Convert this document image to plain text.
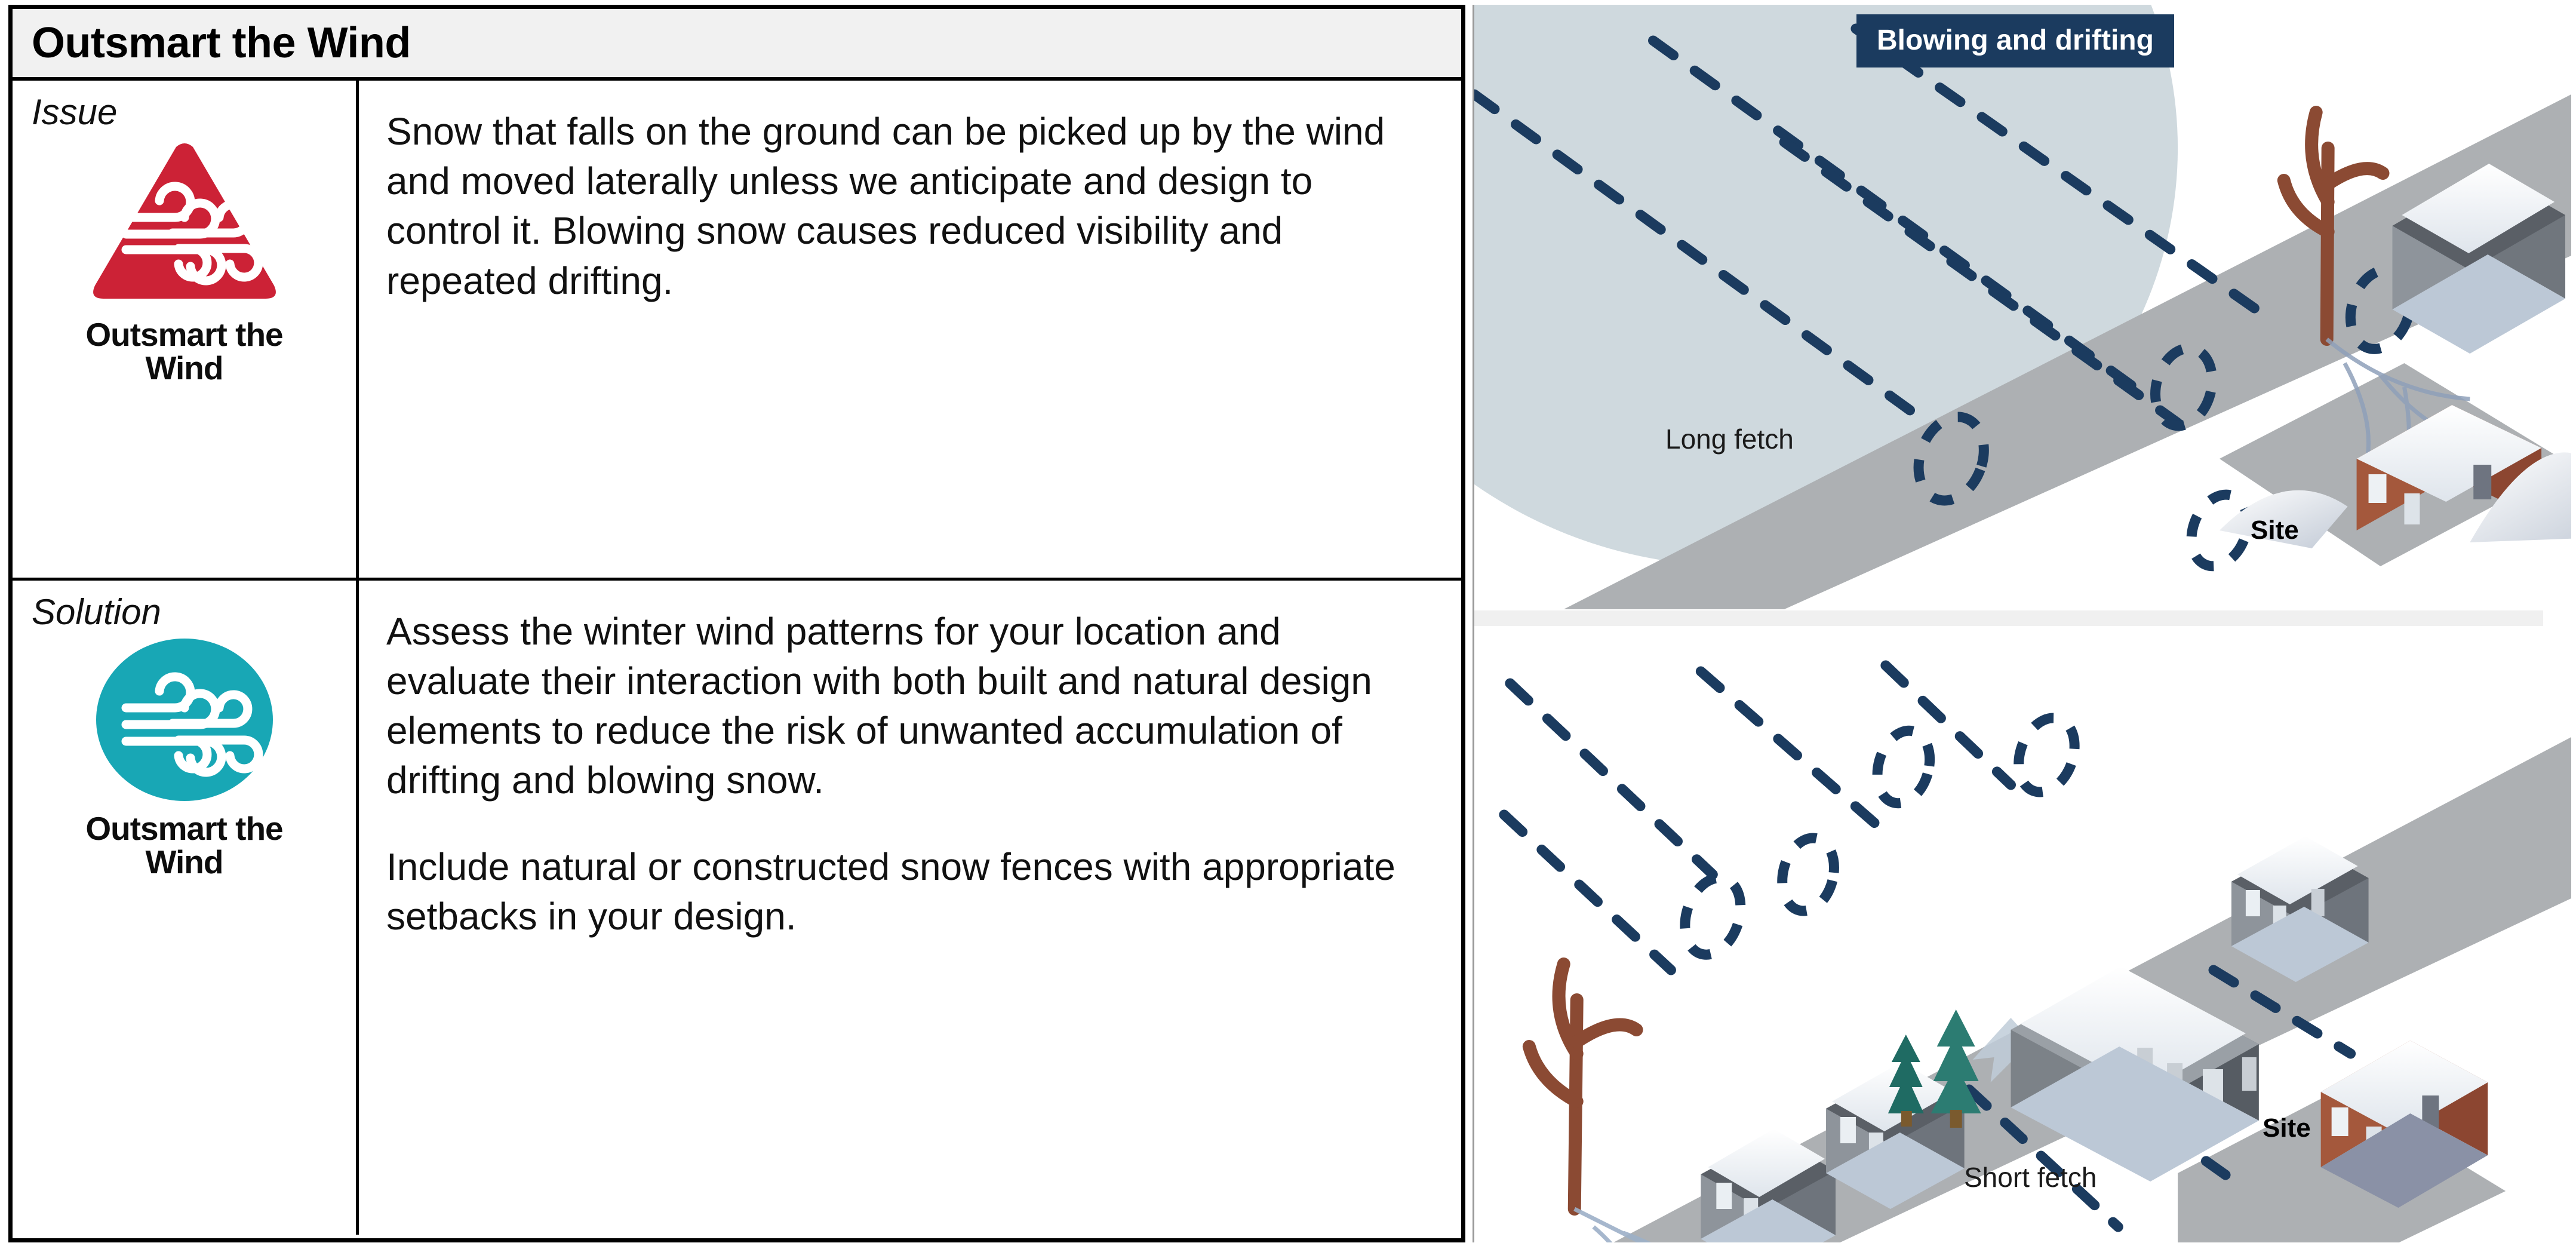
Outsmart the Wind
Issue
Outsmart the
Wind

Snow that falls on the ground can be picked up by the wind and moved laterally unless we anticipate and design to control it. Blowing snow causes reduced visibility and repeated drifting.

Solution
Outsmart the
Wind

Assess the winter wind patterns for your location and evaluate their interaction with both built and natural design elements to reduce the risk of unwanted accumulation of drifting and blowing snow.

Include natural or constructed snow fences with appropriate setbacks in your design.

Blowing and drifting
Long fetch
Site
Short fetch
Site
